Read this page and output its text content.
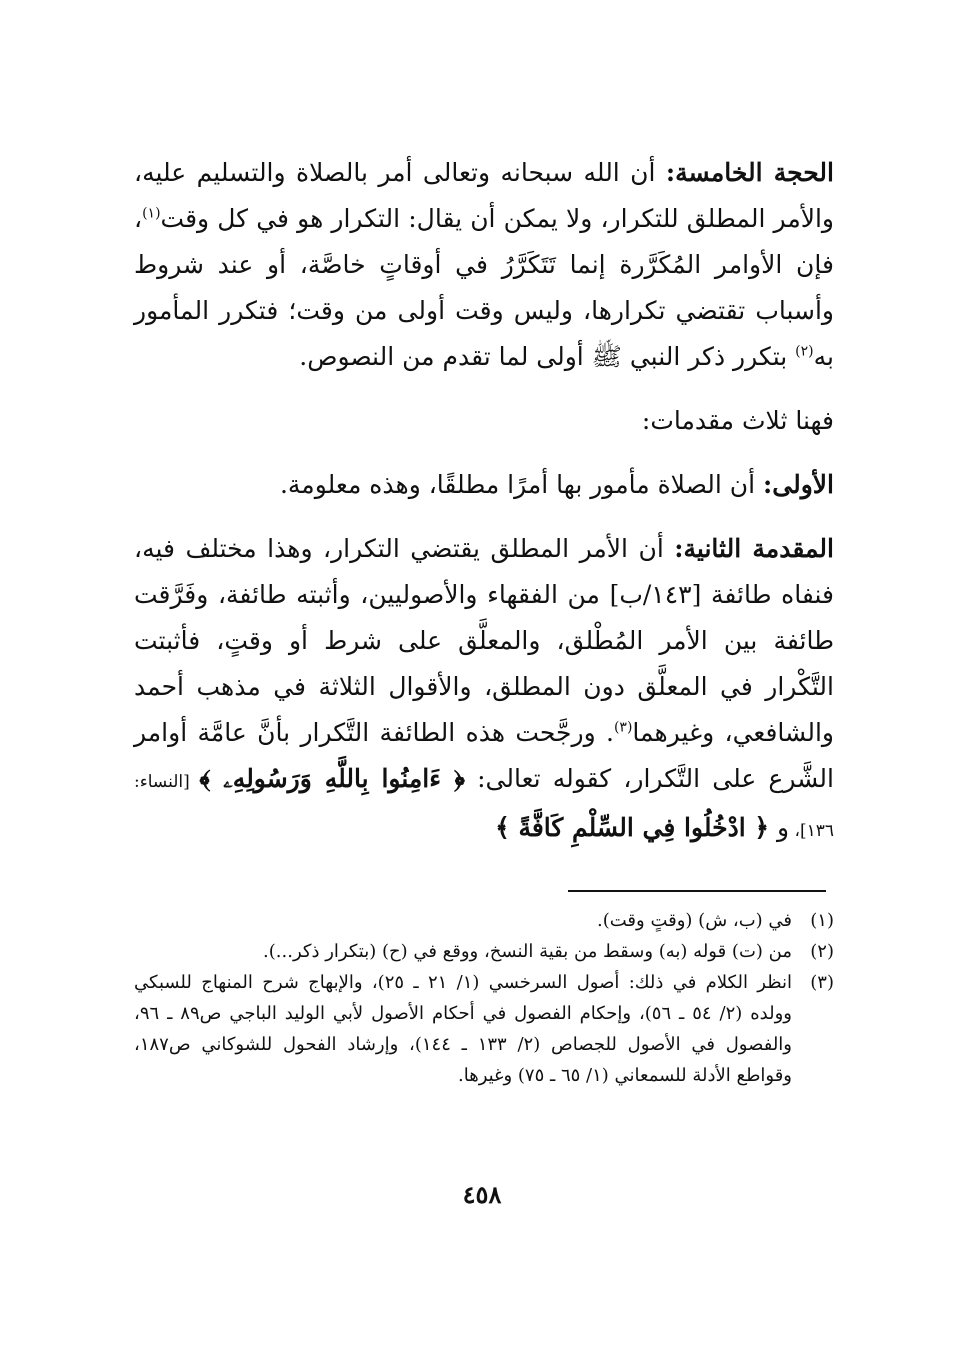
الحجة الخامسة: أن الله سبحانه وتعالى أمر بالصلاة والتسليم عليه، والأمر المطلق للتكرار، ولا يمكن أن يقال: التكرار هو في كل وقت$^{(١)}$، فإن الأوامر المُكَرَّرة إنما تَتَكَرَّرُ في أوقاتٍ خاصَّة، أو عند شروط وأسباب تقتضي تكرارها، وليس وقت أولى من وقت؛ فتكرر المأمور به$^{(٢)}$ بتكرر ذكر النبي ﷺ أولى لما تقدم من النصوص.

فهنا ثلاث مقدمات:

الأولى: أن الصلاة مأمور بها أمرًا مطلقًا، وهذه معلومة.

المقدمة الثانية: أن الأمر المطلق يقتضي التكرار، وهذا مختلف فيه، فنفاه طائفة [١٤٣/ب] من الفقهاء والأصوليين، وأثبته طائفة، وفَرَّقت طائفة بين الأمر المُطْلق، والمعلَّق على شرط أو وقتٍ، فأثبتت التَّكْرار في المعلَّق دون المطلق، والأقوال الثلاثة في مذهب أحمد والشافعي، وغيرهما$^{(٣)}$. ورجَّحت هذه الطائفة التَّكرار بأنَّ عامَّة أوامر الشَّرع على التَّكرار، كقوله تعالى: ﴿ ءَامِنُوا بِاللَّهِ وَرَسُولِهِۦ ﴾ [النساء: ١٣٦]، و ﴿ ادْخُلُوا فِي السِّلْمِ كَافَّةً ﴾

(١)
في (ب، ش) (وقتٍ وقت).
(٢)
من (ت) قوله (به) وسقط من بقية النسخ، ووقع في (ح) (بتكرار ذكر...).
(٣)
انظر الكلام في ذلك: أصول السرخسي (١/ ٢١ ـ ٢٥)، والإبهاج شرح المنهاج للسبكي وولده (٢/ ٥٤ ـ ٥٦)، وإحكام الفصول في أحكام الأصول لأبي الوليد الباجي ص٨٩ ـ ٩٦، والفصول في الأصول للجصاص (٢/ ١٣٣ ـ ١٤٤)، وإرشاد الفحول للشوكاني ص١٨٧، وقواطع الأدلة للسمعاني (١/ ٦٥ ـ ٧٥) وغيرها.
٤٥٨
